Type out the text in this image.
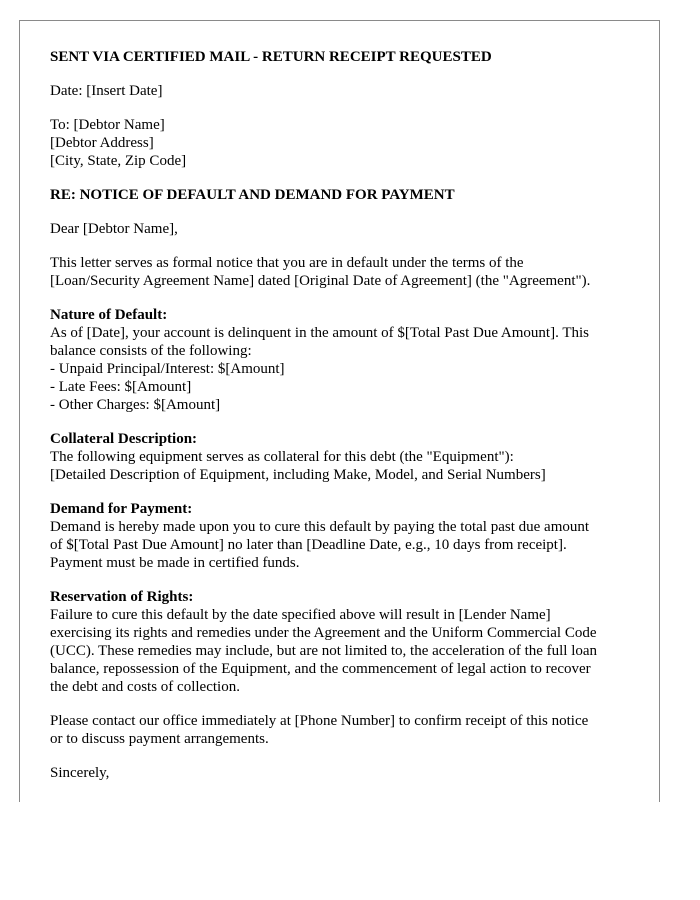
SENT VIA CERTIFIED MAIL - RETURN RECEIPT REQUESTED
Date: [Insert Date]
To: [Debtor Name]
[Debtor Address]
[City, State, Zip Code]
RE: NOTICE OF DEFAULT AND DEMAND FOR PAYMENT
Dear [Debtor Name],
This letter serves as formal notice that you are in default under the terms of the
[Loan/Security Agreement Name] dated [Original Date of Agreement] (the "Agreement").
Nature of Default:
As of [Date], your account is delinquent in the amount of $[Total Past Due Amount]. This
balance consists of the following:
- Unpaid Principal/Interest: $[Amount]
- Late Fees: $[Amount]
- Other Charges: $[Amount]
Collateral Description:
The following equipment serves as collateral for this debt (the "Equipment"):
[Detailed Description of Equipment, including Make, Model, and Serial Numbers]
Demand for Payment:
Demand is hereby made upon you to cure this default by paying the total past due amount
of $[Total Past Due Amount] no later than [Deadline Date, e.g., 10 days from receipt].
Payment must be made in certified funds.
Reservation of Rights:
Failure to cure this default by the date specified above will result in [Lender Name]
exercising its rights and remedies under the Agreement and the Uniform Commercial Code
(UCC). These remedies may include, but are not limited to, the acceleration of the full loan
balance, repossession of the Equipment, and the commencement of legal action to recover
the debt and costs of collection.
Please contact our office immediately at [Phone Number] to confirm receipt of this notice
or to discuss payment arrangements.
Sincerely,
